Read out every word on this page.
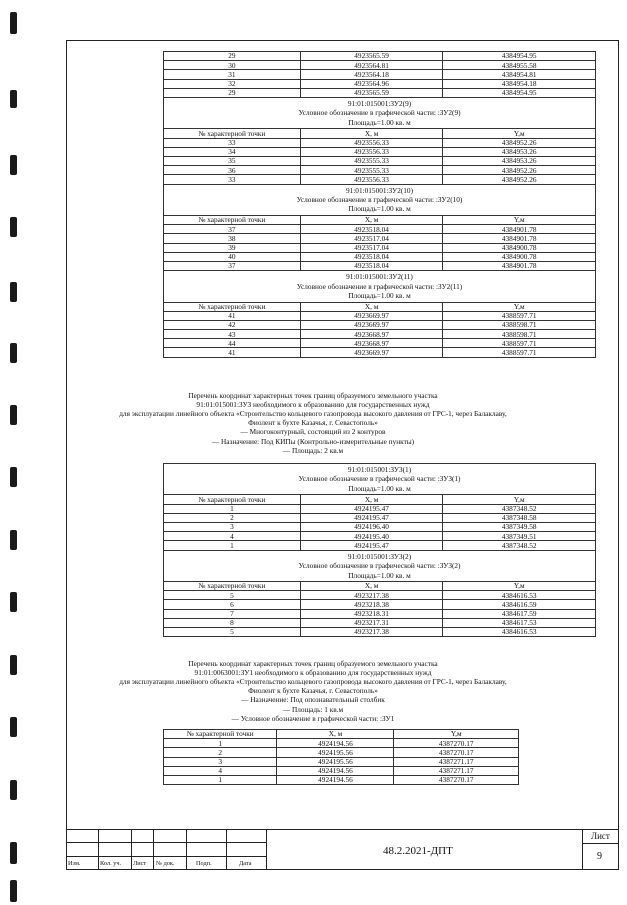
29	4923565.59	4384954.95
30	4923564.81	4384955.58
31	4923564.18	4384954.81
32	4923564.96	4384954.18
29	4923565.59	4384954.95

91:01:015001:ЗУ2(9)
Условное обозначение в графической части: :ЗУ2(9)
Площадь=1.00 кв. м		

№ характерной точки	X, м	Y,м
33	4923556.33	4384952.26
34	4923556.33	4384953.26
35	4923555.33	4384953.26
36	4923555.33	4384952.26
33	4923556.33	4384952.26

91:01:015001:ЗУ2(10)
Условное обозначение в графической части: :ЗУ2(10)
Площадь=1.00 кв. м		

№ характерной точки	X, м	Y,м
37	4923518.04	4384901.78
38	4923517.04	4384901.78
39	4923517.04	4384900.78
40	4923518.04	4384900.78
37	4923518.04	4384901.78

91:01:015001:ЗУ2(11)
Условное обозначение в графической части: :ЗУ2(11)
Площадь=1.00 кв. м		

№ характерной точки	X, м	Y,м
41	4923669.97	4388597.71
42	4923669.97	4388598.71
43	4923668.97	4388598.71
44	4923668.97	4388597.71
41	4923669.97	4388597.71
Перечень координат характерных точек границ образуемого земельного участка
91:01:015001:ЗУЗ необходимого к образованию для государственных нужд
для эксплуатации линейного объекта «Строительство кольцевого газопровода высокого давления от ГРС-1, через Балаклаву,
Фиолент к бухте Казачья, г. Севастополь»
— Многоконтурный, состоящий из 2 контуров
— Назначение: Под КИПы (Контрольно-измерительные пункты)
— Площадь: 2 кв.м
91:01:015001:ЗУЗ(1)
Условное обозначение в графической части: :ЗУЗ(1)
Площадь=1.00 кв. м		

№ характерной точки	X, м	Y,м
1	4924195.47	4387348.52
2	4924195.47	4387348.58
3	4924196.40	4387349.58
4	4924195.40	4387349.51
1	4924195.47	4387348.52

91:01:015001:ЗУЗ(2)
Условное обозначение в графической части: :ЗУЗ(2)
Площадь=1.00 кв. м		

№ характерной точки	X, м	Y,м
5	4923217.38	4384616.53
6	4923218.38	4384616.59
7	4923218.31	4384617.59
8	4923217.31	4384617.53
5	4923217.38	4384616.53
Перечень координат характерных точек границ образуемого земельного участка
91:01:0063001:ЗУ1 необходимого к образованию для государственных нужд
для эксплуатации линейного объекта «Строительство кольцевого газопровода высокого давления от ГРС-1, через Балаклаву,
Фиолент к бухте Казачья, г. Севастополь»
— Назначение: Под опознавательный столбик
— Площадь: 1 кв.м
— Условное обозначение в графической части: :ЗУ1
№ характерной точки	X, м	Y,м
1	4924194.56	4387270.17
2	4924195.56	4387270.17
3	4924195.56	4387271.17
4	4924194.56	4387271.17
1	4924194.56	4387270.17
Изм.	Кол. уч. Лист № док.	Подп.	Дата
48.2.2021-ДПТ
Лист
9
